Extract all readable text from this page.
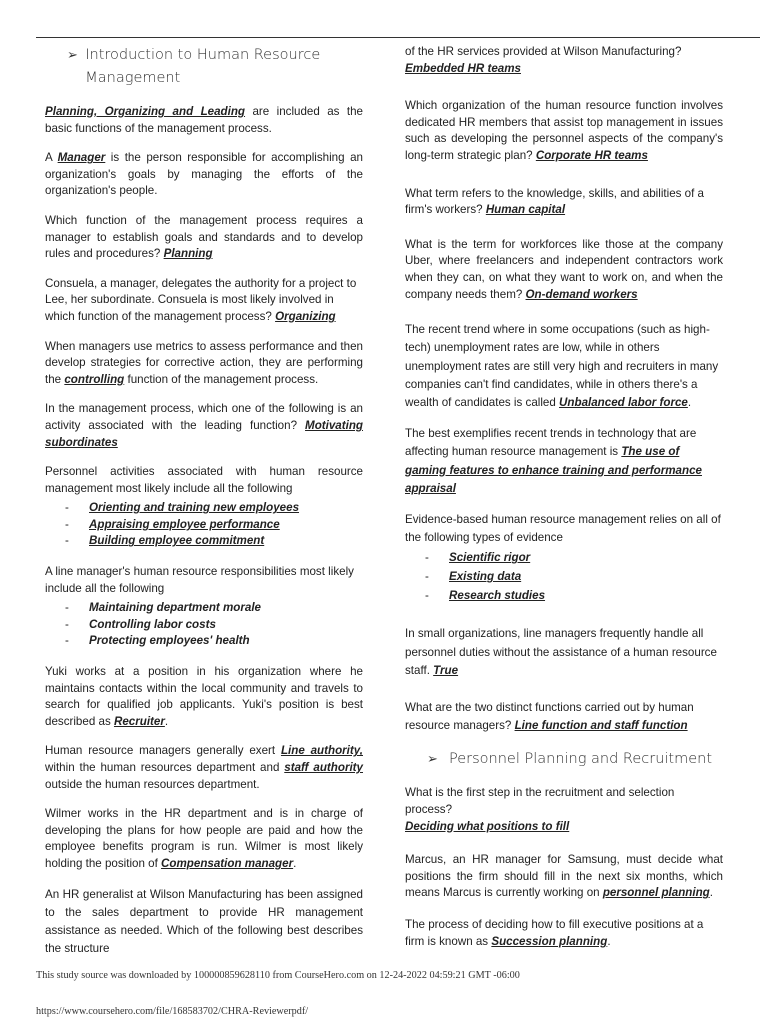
➢ Introduction to Human Resource Management

Planning, Organizing and Leading are included as the basic functions of the management process.

A Manager is the person responsible for accomplishing an organization's goals by managing the efforts of the organization's people.

Which function of the management process requires a manager to establish goals and standards and to develop rules and procedures? Planning

Consuela, a manager, delegates the authority for a project to Lee, her subordinate. Consuela is most likely involved in which function of the management process? Organizing

When managers use metrics to assess performance and then develop strategies for corrective action, they are performing the controlling function of the management process.

In the management process, which one of the following is an activity associated with the leading function? Motivating subordinates

Personnel activities associated with human resource management most likely include all the following

-	Orienting and training new employees
-	Appraising employee performance
-	Building employee commitment

A line manager's human resource responsibilities most likely include all the following

-	Maintaining department morale
-	Controlling labor costs
-	Protecting employees' health

Yuki works at a position in his organization where he maintains contacts within the local community and travels to search for qualified job applicants. Yuki's position is best described as Recruiter.

Human resource managers generally exert Line authority, within the human resources department and staff authority outside the human resources department.

Wilmer works in the HR department and is in charge of developing the plans for how people are paid and how the employee benefits program is run. Wilmer is most likely holding the position of Compensation manager.

An HR generalist at Wilson Manufacturing has been assigned to the sales department to provide HR management assistance as needed. Which of the following best describes the structure

of the HR services provided at Wilson Manufacturing?
Embedded HR teams

Which organization of the human resource function involves dedicated HR members that assist top management in issues such as developing the personnel aspects of the company's long-term strategic plan? Corporate HR teams

What term refers to the knowledge, skills, and abilities of a firm's workers? Human capital

What is the term for workforces like those at the company Uber, where freelancers and independent contractors work when they can, on what they want to work on, and when the company needs them? On-demand workers

The recent trend where in some occupations (such as high-tech) unemployment rates are low, while in others unemployment rates are still very high and recruiters in many companies can't find candidates, while in others there's a wealth of candidates is called Unbalanced labor force.

The best exemplifies recent trends in technology that are affecting human resource management is The use of gaming features to enhance training and performance appraisal

Evidence-based human resource management relies on all of the following types of evidence

-	Scientific rigor
-	Existing data
-	Research studies

In small organizations, line managers frequently handle all personnel duties without the assistance of a human resource staff. True

What are the two distinct functions carried out by human resource managers? Line function and staff function

➢ Personnel Planning and Recruitment

What is the first step in the recruitment and selection process?
Deciding what positions to fill

Marcus, an HR manager for Samsung, must decide what positions the firm should fill in the next six months, which means Marcus is currently working on personnel planning.

The process of deciding how to fill executive positions at a firm is known as Succession planning.

This study source was downloaded by 100000859628110 from CourseHero.com on 12-24-2022 04:59:21 GMT -06:00
https://www.coursehero.com/file/168583702/CHRA-Reviewerpdf/
